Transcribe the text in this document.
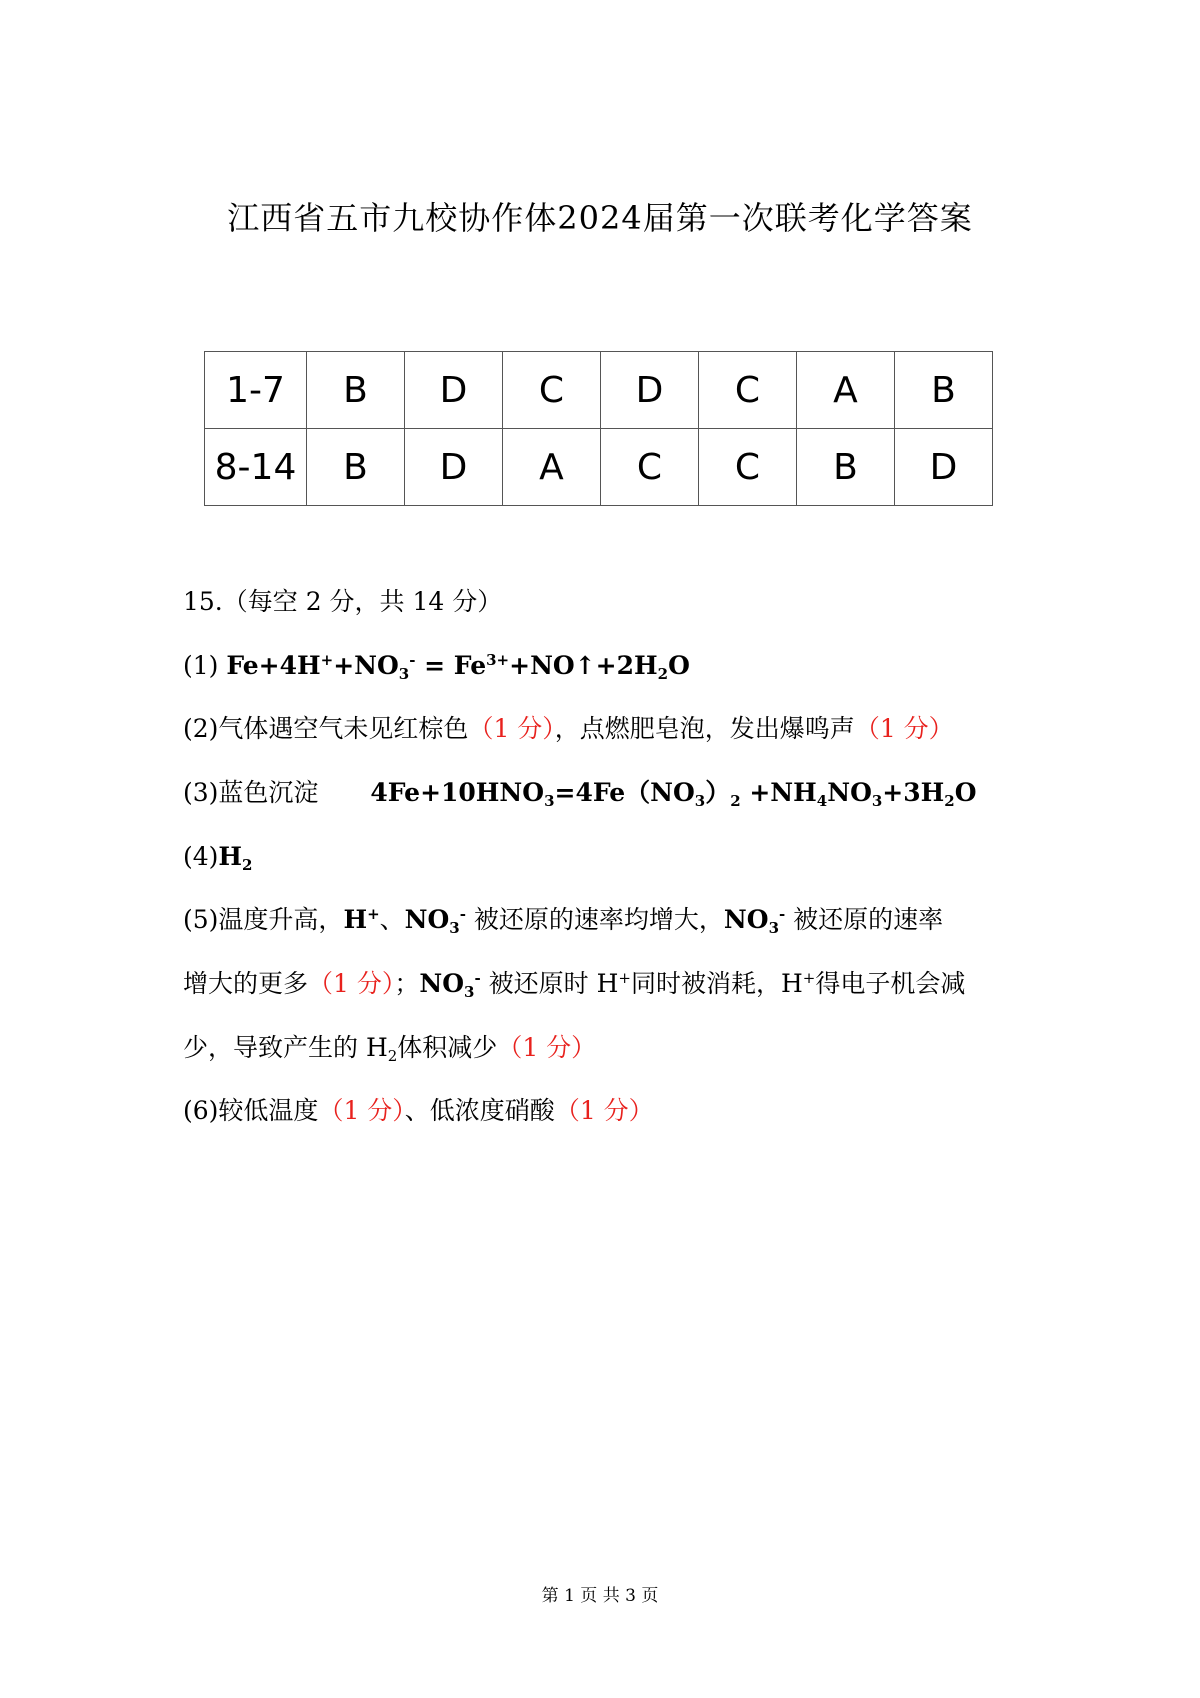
江西省五市九校协作体2024届第一次联考化学答案
1-7	B	D	C	D	C	A	B
8-14	B	D	A	C	C	B	D
15.（每空 2 分，共 14 分）
(1) $Fe+4H^++NO_3^-$ = $Fe^{3+}+NO↑+2H_2O$
(2)气体遇空气未见红棕色（1 分），点燃肥皂泡，发出爆鸣声（1 分）
(3)蓝色沉淀 $4Fe+10HNO_3=4Fe(NO_3)_2 +NH_4NO_3+3H_2O$
$(4)H_2$
(5)温度升高，H+、$NO_3^-$ 被还原的速率均增大，$NO_3^-$ 被还原的速率
增大的更多（1 分）；$NO_3^-$ 被还原时 H+同时被消耗，H+得电子机会减
少，导致产生的 $H_2$体积减少（1 分）
(6)较低温度（1 分）、低浓度硝酸（1 分）
第 1 页 共 3 页
